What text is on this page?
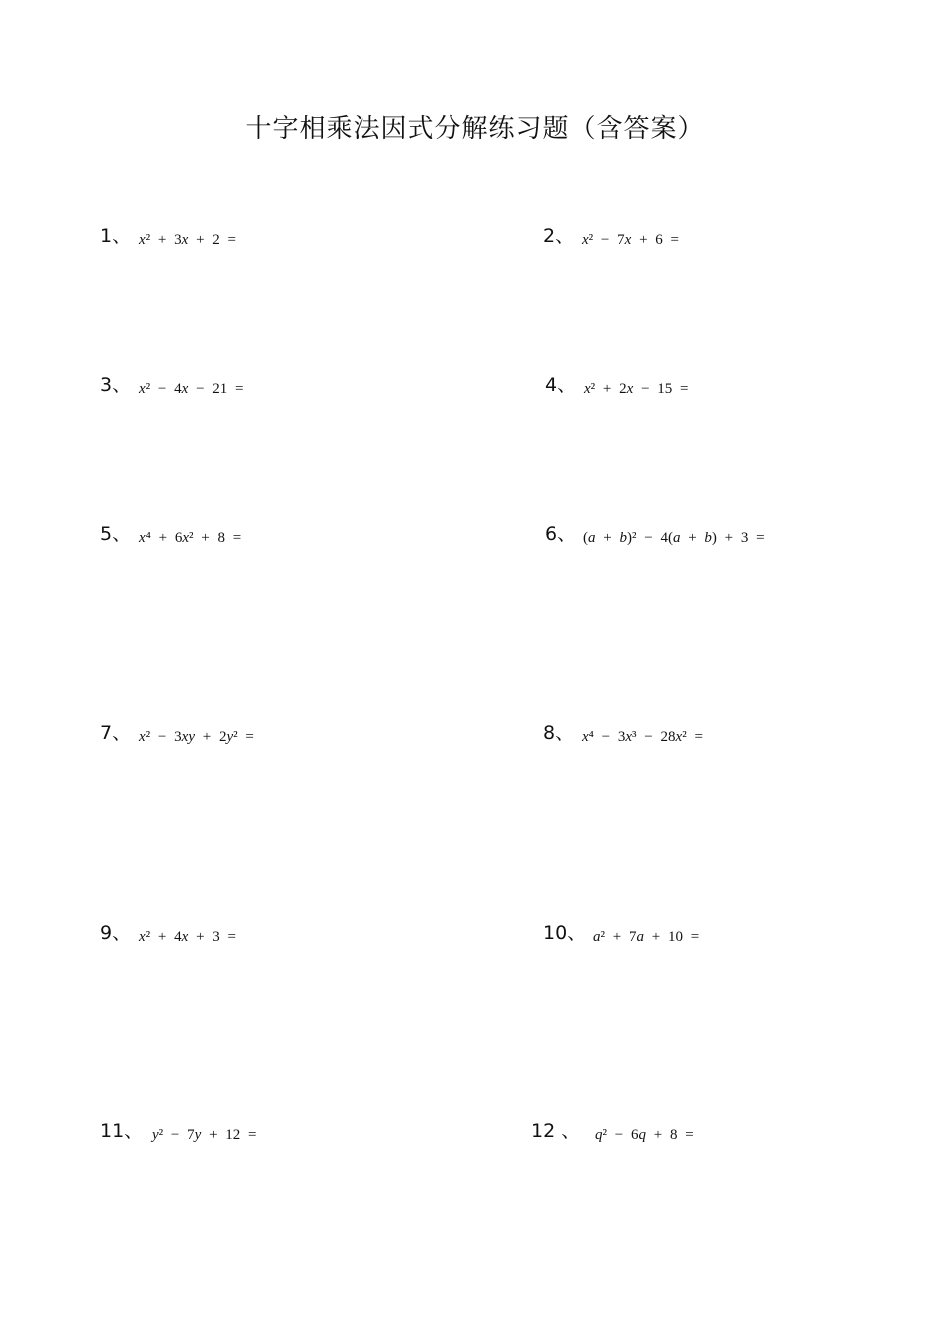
十字相乘法因式分解练习题（含答案）
1、 x² + 3x + 2 =	2、 x² − 7x + 6 =
3、 x² − 4x − 21 =	4、 x² + 2x − 15 =
5、 x⁴ + 6x² + 8 =	6、 (a + b)² − 4(a + b) + 3 =
7、 x² − 3xy + 2y² =	8、 x⁴ − 3x³ − 28x² =
9、 x² + 4x + 3 =	10、 a² + 7a + 10 =
11、 y² − 7y + 12 =	12 、 q² − 6q + 8 =
